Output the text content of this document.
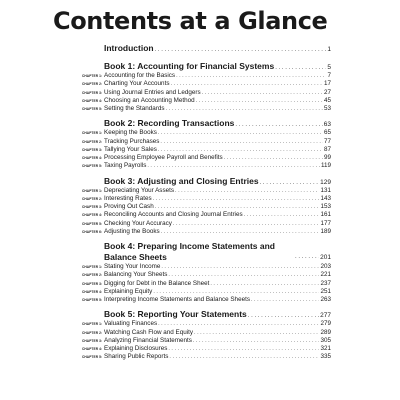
Contents at a Glance
Introduction . . .	1
Book 1: Accounting for Financial Systems . . .	5
CHAPTER 1: Accounting for the Basics . . .	7
CHAPTER 2: Charting Your Accounts . . .	17
CHAPTER 3: Using Journal Entries and Ledgers . . .	27
CHAPTER 4: Choosing an Accounting Method . . .	45
CHAPTER 5: Setting the Standards . . .	53
Book 2: Recording Transactions . . .	63
CHAPTER 1: Keeping the Books . . .	65
CHAPTER 2: Tracking Purchases . . .	77
CHAPTER 3: Tallying Your Sales . . .	87
CHAPTER 4: Processing Employee Payroll and Benefits . . .	99
CHAPTER 5: Taxing Payrolls . . .	119
Book 3: Adjusting and Closing Entries . . .	129
CHAPTER 1: Depreciating Your Assets . . .	131
CHAPTER 2: Interesting Rates . . .	143
CHAPTER 3: Proving Out Cash . . .	153
CHAPTER 4: Reconciling Accounts and Closing Journal Entries . . .	161
CHAPTER 5: Checking Your Accuracy . . .	177
CHAPTER 6: Adjusting the Books . . .	189
Book 4: Preparing Income Statements and Balance Sheets . . .	201
CHAPTER 1: Stating Your Income . . .	203
CHAPTER 2: Balancing Your Sheets . . .	221
CHAPTER 3: Digging for Debt in the Balance Sheet . . .	237
CHAPTER 4: Explaining Equity . . .	251
CHAPTER 5: Interpreting Income Statements and Balance Sheets . . .	263
Book 5: Reporting Your Statements . . .	277
CHAPTER 1: Valuating Finances . . .	279
CHAPTER 2: Watching Cash Flow and Equity . . .	289
CHAPTER 3: Analyzing Financial Statements . . .	305
CHAPTER 4: Explaining Disclosures . . .	321
CHAPTER 5: Sharing Public Reports . . .	335
